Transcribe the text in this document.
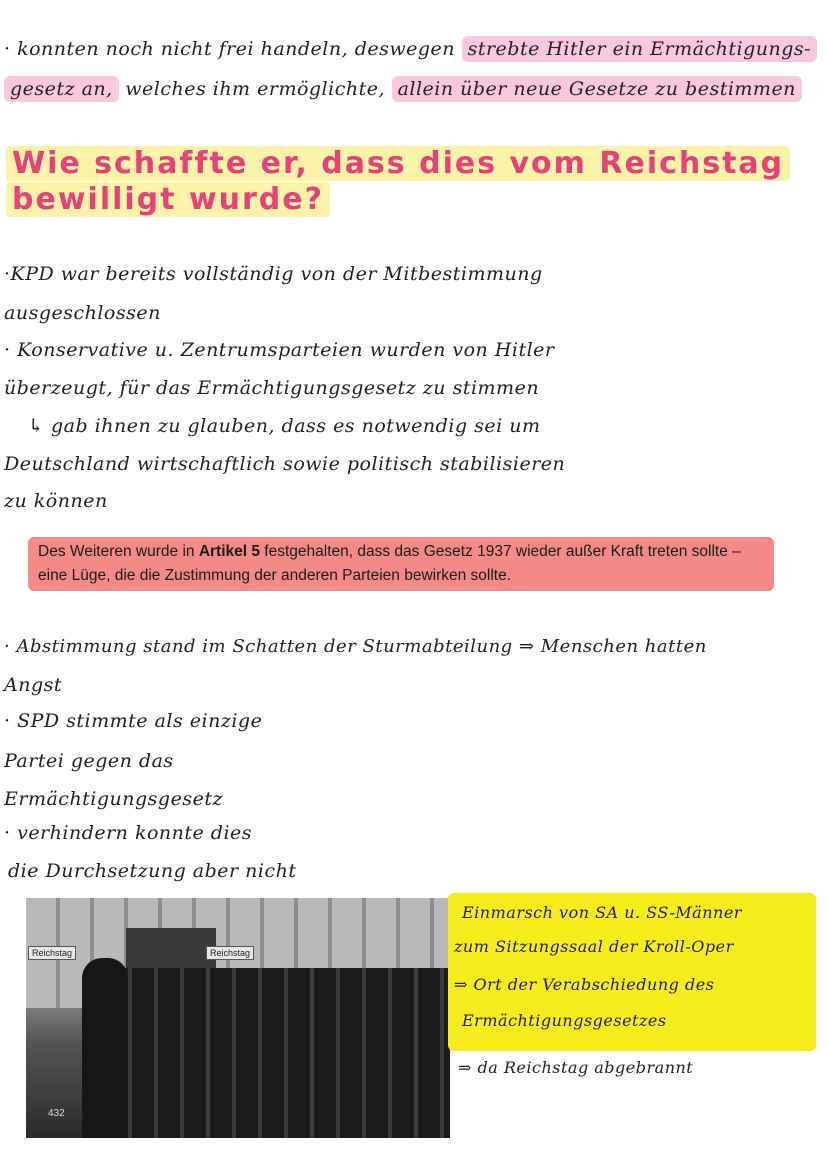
· konnten noch nicht frei handeln, deswegen strebte Hitler ein Ermächtigungs-
gesetz an, welches ihm ermöglichte, allein über neue Gesetze zu bestimmen
Wie schaffte er, dass dies vom Reichstag
bewilligt wurde?
·KPD war bereits vollständig von der Mitbestimmung
ausgeschlossen
· Konservative u. Zentrumsparteien wurden von Hitler
überzeugt, für das Ermächtigungsgesetz zu stimmen
↳ gab ihnen zu glauben, dass es notwendig sei um
Deutschland wirtschaftlich sowie politisch stabilisieren
zu können
Des Weiteren wurde in Artikel 5 festgehalten, dass das Gesetz 1937 wieder außer Kraft treten sollte – eine Lüge, die die Zustimmung der anderen Parteien bewirken sollte.
· Abstimmung stand im Schatten der Sturmabteilung ⇒ Menschen hatten
Angst
· SPD stimmte als einzige
Partei gegen das
Ermächtigungsgesetz
· verhindern konnte dies
die Durchsetzung aber nicht
Reichstag	Reichstag
432
Einmarsch von SA u. SS-Männer
zum Sitzungssaal der Kroll-Oper
⇒ Ort der Verabschiedung des
Ermächtigungsgesetzes
⇒ da Reichstag abgebrannt
